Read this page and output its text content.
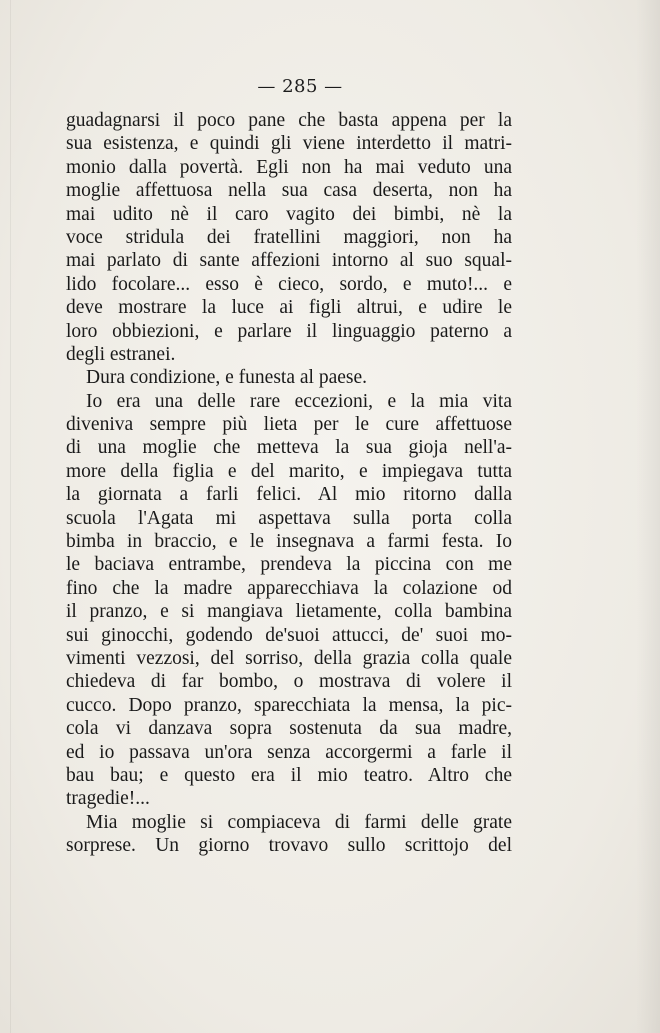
— 285 —
guadagnarsi il poco pane che basta appena per la
sua esistenza, e quindi gli viene interdetto il matri-
monio dalla povertà. Egli non ha mai veduto una
moglie affettuosa nella sua casa deserta, non ha
mai udito nè il caro vagito dei bimbi, nè la
voce stridula dei fratellini maggiori, non ha
mai parlato di sante affezioni intorno al suo squal-
lido focolare... esso è cieco, sordo, e muto!... e
deve mostrare la luce ai figli altrui, e udire le
loro obbiezioni, e parlare il linguaggio paterno a
degli estranei.
Dura condizione, e funesta al paese.
Io era una delle rare eccezioni, e la mia vita
diveniva sempre più lieta per le cure affettuose
di una moglie che metteva la sua gioja nell'a-
more della figlia e del marito, e impiegava tutta
la giornata a farli felici. Al mio ritorno dalla
scuola l'Agata mi aspettava sulla porta colla
bimba in braccio, e le insegnava a farmi festa. Io
le baciava entrambe, prendeva la piccina con me
fino che la madre apparecchiava la colazione od
il pranzo, e si mangiava lietamente, colla bambina
sui ginocchi, godendo de'suoi attucci, de' suoi mo-
vimenti vezzosi, del sorriso, della grazia colla quale
chiedeva di far bombo, o mostrava di volere il
cucco. Dopo pranzo, sparecchiata la mensa, la pic-
cola vi danzava sopra sostenuta da sua madre,
ed io passava un'ora senza accorgermi a farle il
bau bau; e questo era il mio teatro. Altro che
tragedie!...
Mia moglie si compiaceva di farmi delle grate
sorprese. Un giorno trovavo sullo scrittojo del
